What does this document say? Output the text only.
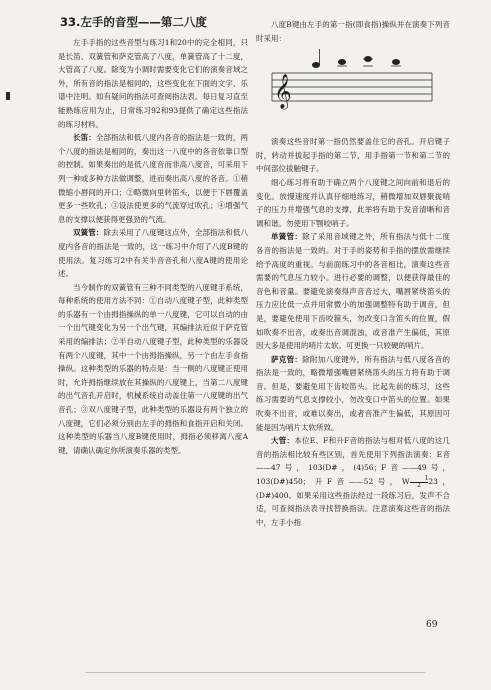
33.左手的音型——第二八度

左手手指的这些音型与练习1和20中的完全相同，只是长笛、双簧管和萨克管高了八度，单簧管高了十二度，大管高了八度。除变为小调时需要变化它们的演奏音域之外，所有音的指法是相同的，这些变化在下面的文字、乐谱中注明。如有疑问的指法可查阅指法表。每日复习直至能熟练应用为止，日常练习92和93提供了确定这些指法的练习材料。

长笛：全部指法和低八度内各音的指法是一致的，两个八度的指法是相同的，奏出这一八度中的各音依靠口型的控制。如果奏出的是低八度音而非高八度音，可采用下列一种或多种方法做调整，进而奏出高八度的各音。①稍微缩小唇间的开口；②略微向里转笛头，以便于下唇覆盖更多一些吹孔；③设法使更多的气流穿过吹孔；④增强气息的支撑以便获得更强劲的气流。

双簧管：除去采用了八度键这点外，全部指法和低八度内各音的指法是一致的，这一练习中介绍了八度B键的使用法。复习练习2中有关半音音孔和八度A键的使用论述。

当今制作的双簧管有三种不同类型的八度键手系统，每种系统的使用方法不同：①自动八度键子型，此种类型的乐器有一个由拇指操纵的单一八度键，它可以自动的由一个出气键变化为另一个出气键，其编排法近似于萨克管采用的编排法；②半自动八度键子型，此种类型的乐器设有两个八度键，其中一个由拇指操纵，另一个由左手食指操纵。这种类型的乐器的特点是：当一侧的八度键正使用时，允许拇指继续放在其操纵的八度键上，当第二八度键的出气音孔开启时，机械系统自动盖住第一八度键的出气音孔；③双八度键子型，此种类型的乐器设有两个独立的八度键，它们必须分别由左手的拇指和食指开启和关闭。这种类型的乐器当八度B键使用时，拇指必须移离八度A键，请确认确定你所演奏乐器的类型。

八度B键由左手的第一指(即食指)操纵并在演奏下列音时采用：

𝄞

演奏这些音时第一指仍然要盖住它的音孔。开启键子时，转动并拔起手指的第二节，用手指第一节和第二节的中间部位拔触键子。

细心练习将有助于确立两个八度键之间向前和退后的变化。放慢速度并认真仔细地练习，稍微增加双唇聚拢哨子的压力并增强气息的支撑，此举将有助于发音清晰和音调和谐。勿使用下颚咬哨子。

单簧管：除了采用音域键之外，所有指法与低十二度各音的指法是一致的。对于手的姿势和手指的摆放需继续给予高度的重视。与前面练习中的各音相比，演奏这些音需要的气息压力较小。进行必要的调整，以便获得最佳的音色和音量。要避免演奏得声音音过大，嘴唇紧绕笛头的压力应比低一点并用常微小的加强调整特有助于调音，但是，要避免使用下齿咬箍头，勿改变口含笛头的位置，假如吹奏不出音，或奏出音调混浊，或音准产生偏低，其原因大多是使用的哨片太软。可更换一只较硬的哨片。

萨克管：除附加八度键外，所有指法与低八度各音的指法是一致的，略微增强嘴唇紧绕笛头的压力将有助于调音。但是，要避免用下齿咬笛头。比起先前的练习，这些练习需要的气息支撑较小，勿改变口中笛头的位置。如果吹奏不出音，或难以奏出，或者音准产生偏低，其原因可能是因为哨片太软所致。

大管：本位E、F和升F音的指法与相对低八度的这几音的指法相比较有些区别，首先使用下列指法演奏：E音——47号，103(D#，(4)56；F音——49号，103(D#)450；升F音——52号，W $\frac{1}{2}23$，(D#)400。如果采用这些指法经过一段练习后，发声不合适，可查阅指法表寻找替换指法。注意演奏这些音的指法中，左手小指

69
